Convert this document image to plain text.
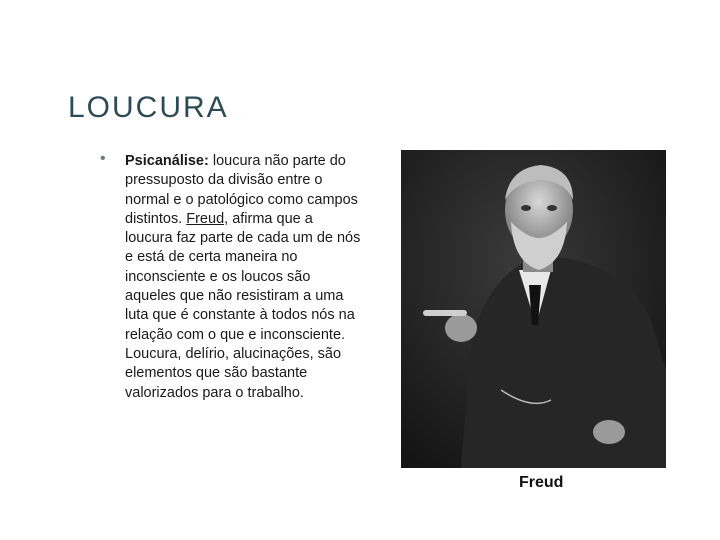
LOUCURA
• Psicanálise: loucura não parte do pressuposto da divisão entre o normal e o patológico como campos distintos. Freud, afirma que a loucura faz parte de cada um de nós e está de certa maneira no inconsciente e os loucos são aqueles que não resistiram a uma luta que é constante à todos nós na relação com o que e inconsciente. Loucura, delírio, alucinações, são elementos que são bastante valorizados para o trabalho.
Freud
